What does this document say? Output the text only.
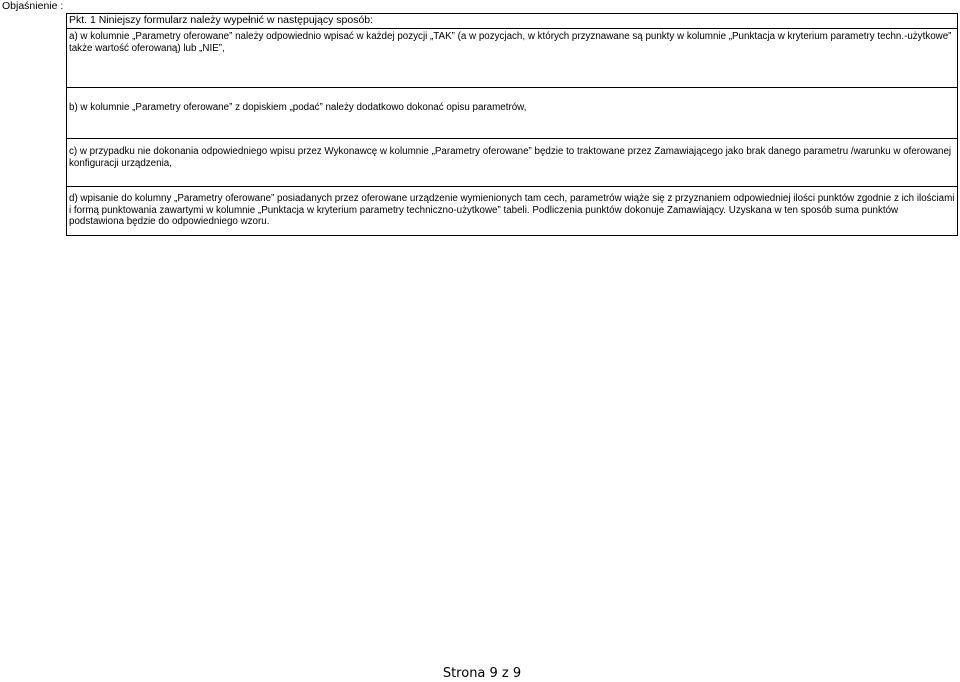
Objaśnienie :
Pkt. 1 Niniejszy formularz należy wypełnić w następujący sposób:
a) w kolumnie „Parametry oferowane” należy odpowiednio wpisać w każdej pozycji „TAK” (a w pozycjach, w których przyznawane są punkty w kolumnie „Punktacja w kryterium parametry techn.-użytkowe” także wartość oferowaną) lub „NIE”,
b) w kolumnie „Parametry oferowane” z dopiskiem „podać” należy dodatkowo dokonać opisu parametrów,
c) w przypadku nie dokonania odpowiedniego wpisu przez Wykonawcę w kolumnie „Parametry oferowane” będzie to traktowane przez Zamawiającego jako brak danego parametru /warunku w oferowanej konfiguracji urządzenia,
d) wpisanie do kolumny „Parametry oferowane” posiadanych przez oferowane urządzenie wymienionych tam cech, parametrów wiąże się z przyznaniem odpowiedniej ilości punktów zgodnie z ich ilościami i formą punktowania zawartymi w kolumnie „Punktacja w kryterium parametry techniczno-użytkowe” tabeli. Podliczenia punktów dokonuje Zamawiający. Uzyskana w ten sposób suma punktów podstawiona będzie do odpowiedniego wzoru.
Strona 9 z 9
